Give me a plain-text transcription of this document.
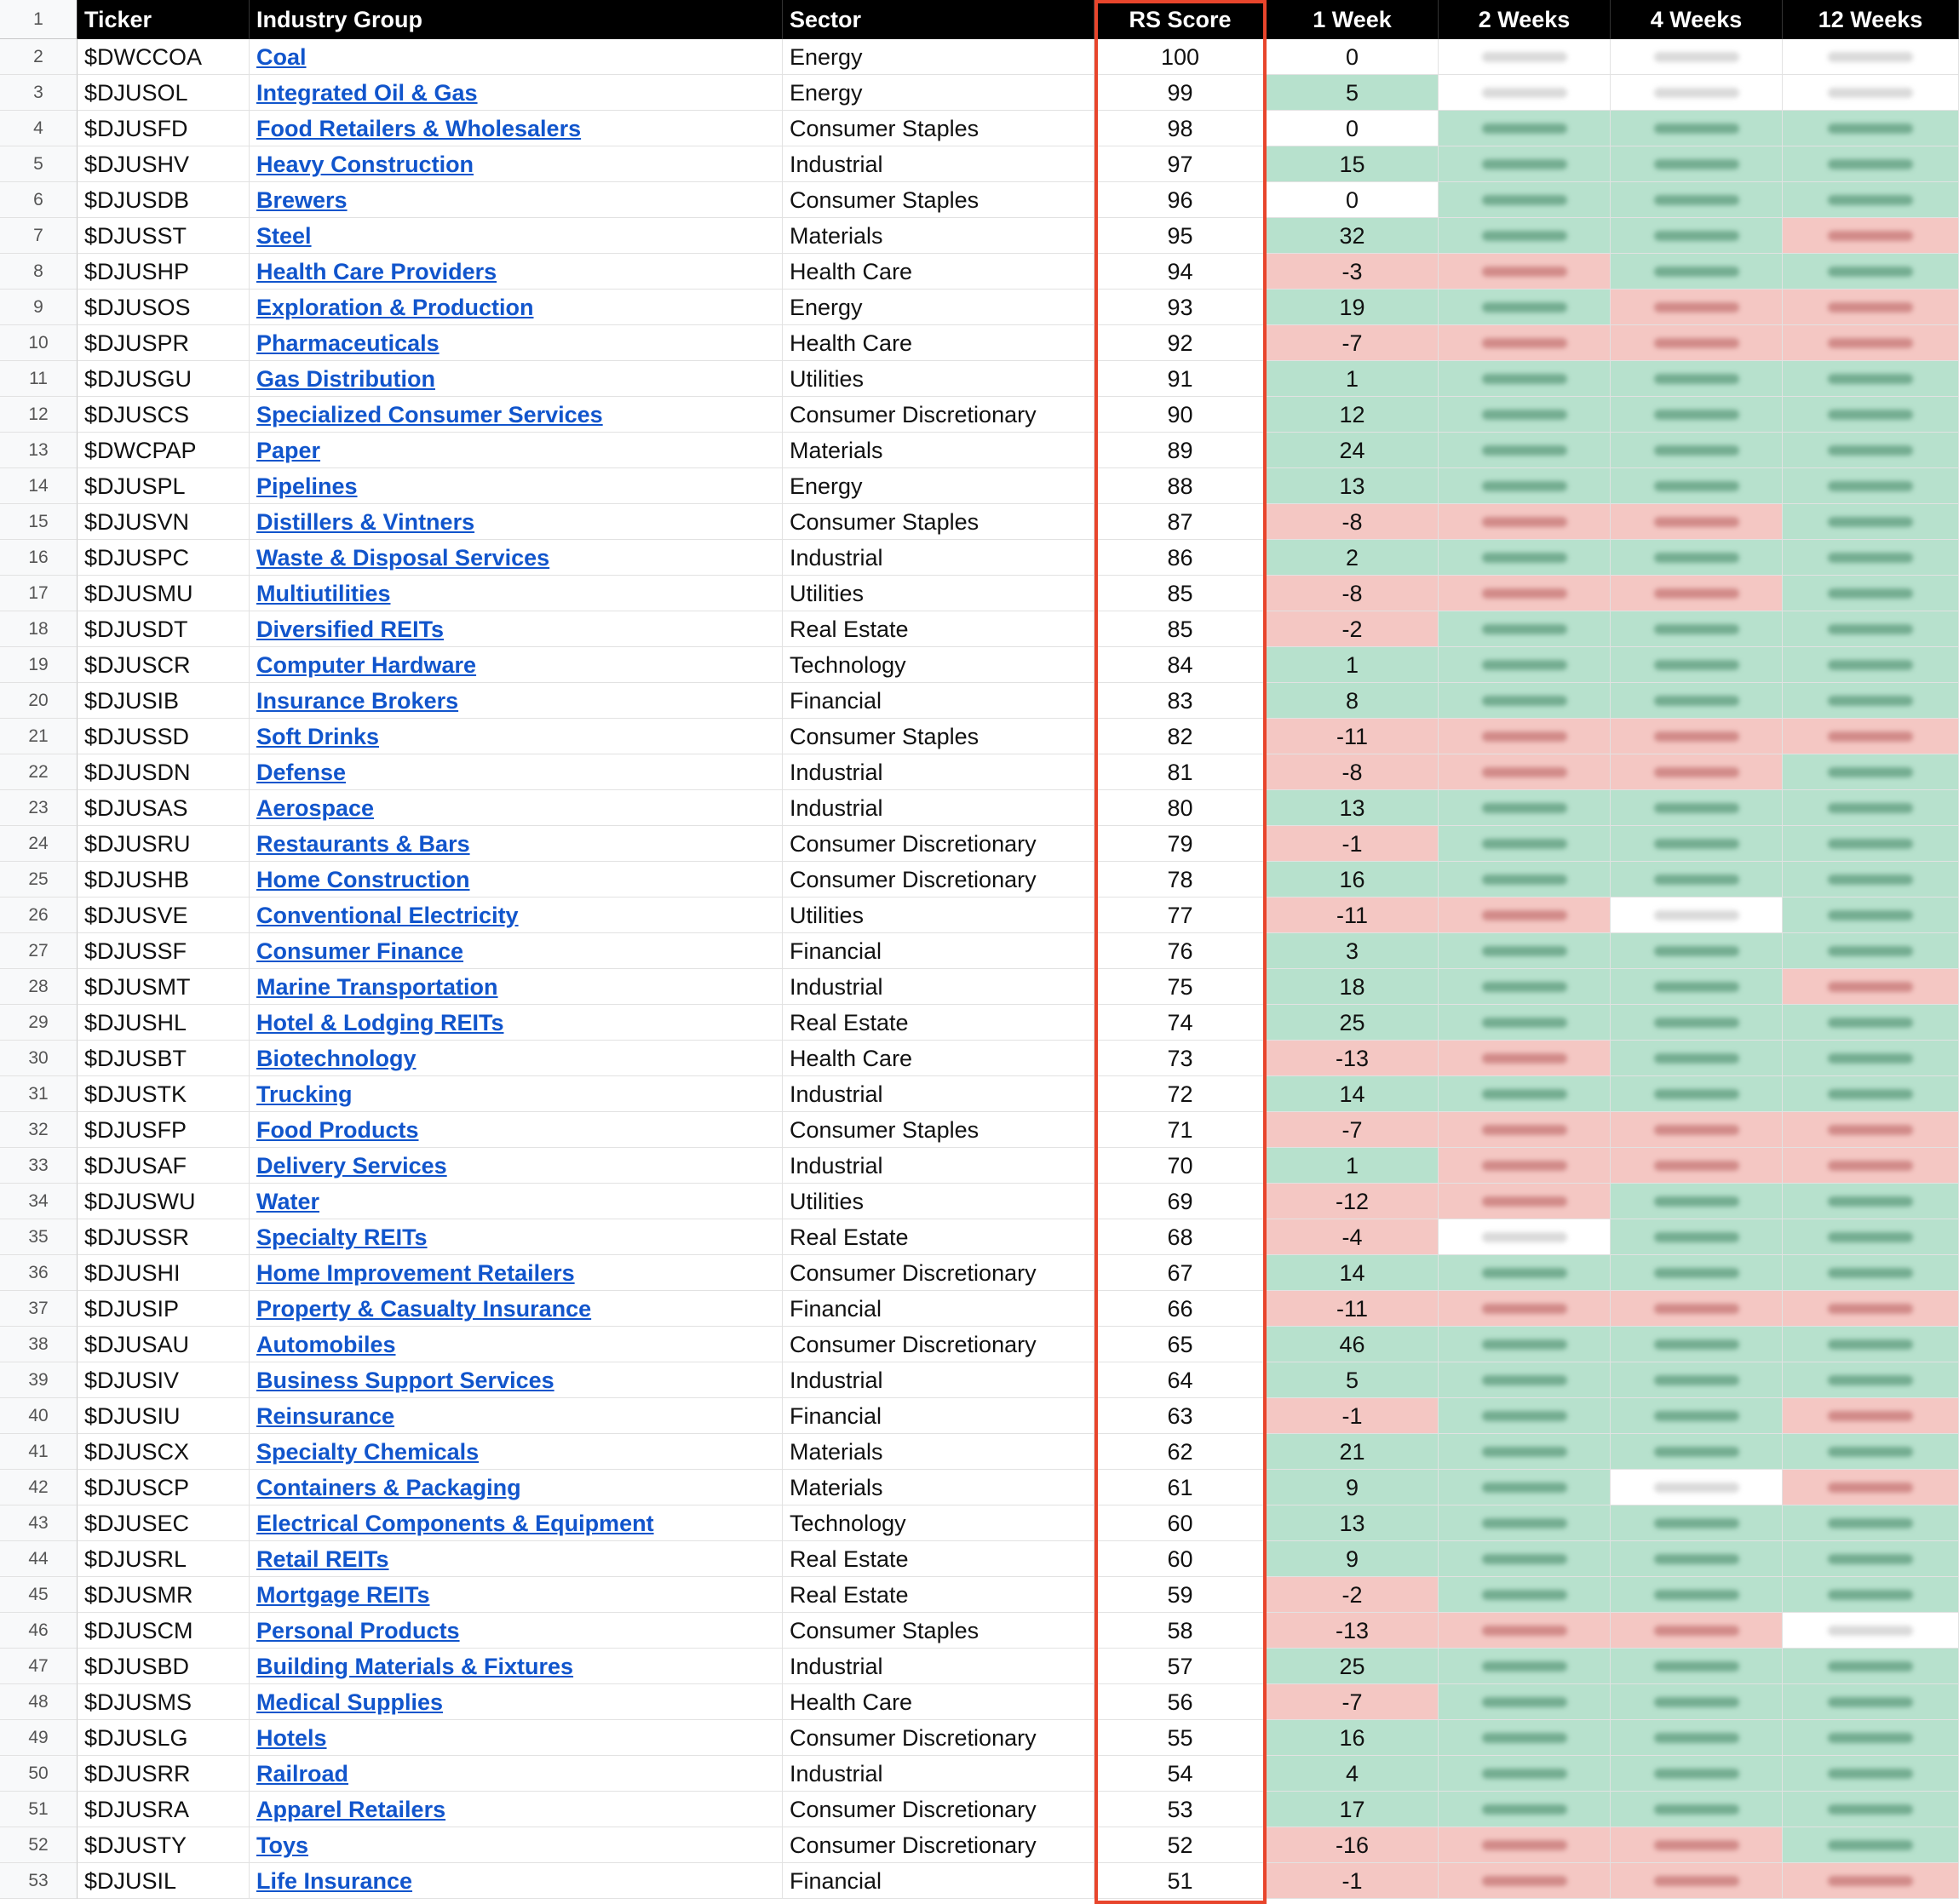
1	Ticker	Industry Group	Sector	RS Score	1 Week	2 Weeks	4 Weeks	12 Weeks
2	$DWCCOA	Coal	Energy	100	0
3	$DJUSOL	Integrated Oil & Gas	Energy	99	5
4	$DJUSFD	Food Retailers & Wholesalers	Consumer Staples	98	0
5	$DJUSHV	Heavy Construction	Industrial	97	15
6	$DJUSDB	Brewers	Consumer Staples	96	0
7	$DJUSST	Steel	Materials	95	32
8	$DJUSHP	Health Care Providers	Health Care	94	-3
9	$DJUSOS	Exploration & Production	Energy	93	19
10	$DJUSPR	Pharmaceuticals	Health Care	92	-7
11	$DJUSGU	Gas Distribution	Utilities	91	1
12	$DJUSCS	Specialized Consumer Services	Consumer Discretionary	90	12
13	$DWCPAP	Paper	Materials	89	24
14	$DJUSPL	Pipelines	Energy	88	13
15	$DJUSVN	Distillers & Vintners	Consumer Staples	87	-8
16	$DJUSPC	Waste & Disposal Services	Industrial	86	2
17	$DJUSMU	Multiutilities	Utilities	85	-8
18	$DJUSDT	Diversified REITs	Real Estate	85	-2
19	$DJUSCR	Computer Hardware	Technology	84	1
20	$DJUSIB	Insurance Brokers	Financial	83	8
21	$DJUSSD	Soft Drinks	Consumer Staples	82	-11
22	$DJUSDN	Defense	Industrial	81	-8
23	$DJUSAS	Aerospace	Industrial	80	13
24	$DJUSRU	Restaurants & Bars	Consumer Discretionary	79	-1
25	$DJUSHB	Home Construction	Consumer Discretionary	78	16
26	$DJUSVE	Conventional Electricity	Utilities	77	-11
27	$DJUSSF	Consumer Finance	Financial	76	3
28	$DJUSMT	Marine Transportation	Industrial	75	18
29	$DJUSHL	Hotel & Lodging REITs	Real Estate	74	25
30	$DJUSBT	Biotechnology	Health Care	73	-13
31	$DJUSTK	Trucking	Industrial	72	14
32	$DJUSFP	Food Products	Consumer Staples	71	-7
33	$DJUSAF	Delivery Services	Industrial	70	1
34	$DJUSWU	Water	Utilities	69	-12
35	$DJUSSR	Specialty REITs	Real Estate	68	-4
36	$DJUSHI	Home Improvement Retailers	Consumer Discretionary	67	14
37	$DJUSIP	Property & Casualty Insurance	Financial	66	-11
38	$DJUSAU	Automobiles	Consumer Discretionary	65	46
39	$DJUSIV	Business Support Services	Industrial	64	5
40	$DJUSIU	Reinsurance	Financial	63	-1
41	$DJUSCX	Specialty Chemicals	Materials	62	21
42	$DJUSCP	Containers & Packaging	Materials	61	9
43	$DJUSEC	Electrical Components & Equipment	Technology	60	13
44	$DJUSRL	Retail REITs	Real Estate	60	9
45	$DJUSMR	Mortgage REITs	Real Estate	59	-2
46	$DJUSCM	Personal Products	Consumer Staples	58	-13
47	$DJUSBD	Building Materials & Fixtures	Industrial	57	25
48	$DJUSMS	Medical Supplies	Health Care	56	-7
49	$DJUSLG	Hotels	Consumer Discretionary	55	16
50	$DJUSRR	Railroad	Industrial	54	4
51	$DJUSRA	Apparel Retailers	Consumer Discretionary	53	17
52	$DJUSTY	Toys	Consumer Discretionary	52	-16
53	$DJUSIL	Life Insurance	Financial	51	-1
